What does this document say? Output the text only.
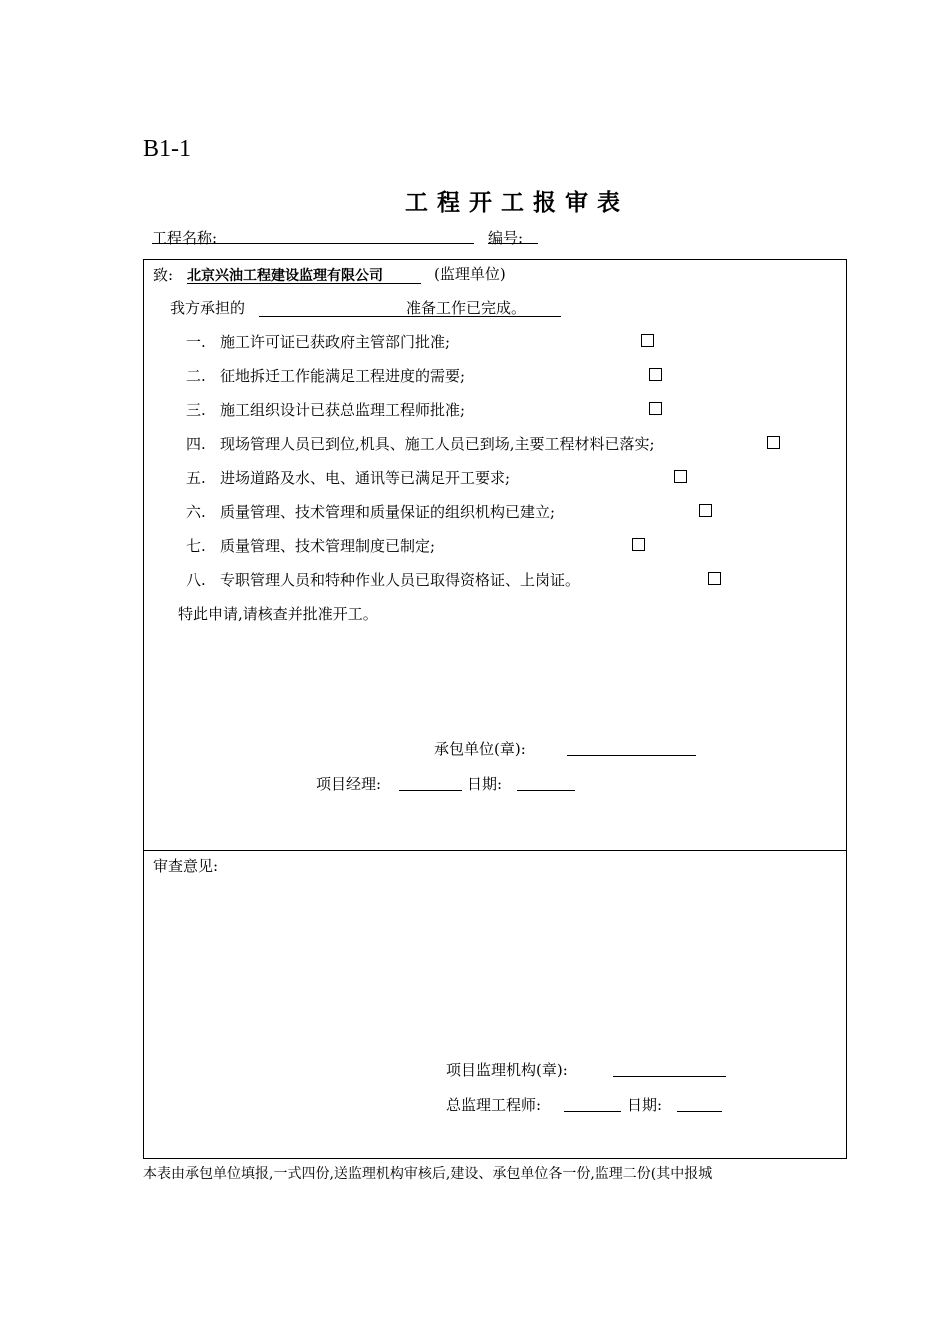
B1-1
工程开工报审表
工程名称:	编号:
致: 北京兴油工程建设监理有限公司	(监理单位)
我方承担的	准备工作已完成。
一. 施工许可证已获政府主管部门批准;
二. 征地拆迁工作能满足工程进度的需要;
三. 施工组织设计已获总监理工程师批准;
四. 现场管理人员已到位,机具、施工人员已到场,主要工程材料已落实;
五. 进场道路及水、电、通讯等已满足开工要求;
六. 质量管理、技术管理和质量保证的组织机构已建立;
七. 质量管理、技术管理制度已制定;
八. 专职管理人员和特种作业人员已取得资格证、上岗证。
特此申请,请核查并批准开工。
承包单位(章):
项目经理:	日期:
审查意见:
项目监理机构(章):
总监理工程师:	日期:
本表由承包单位填报,一式四份,送监理机构审核后,建设、承包单位各一份,监理二份(其中报城
